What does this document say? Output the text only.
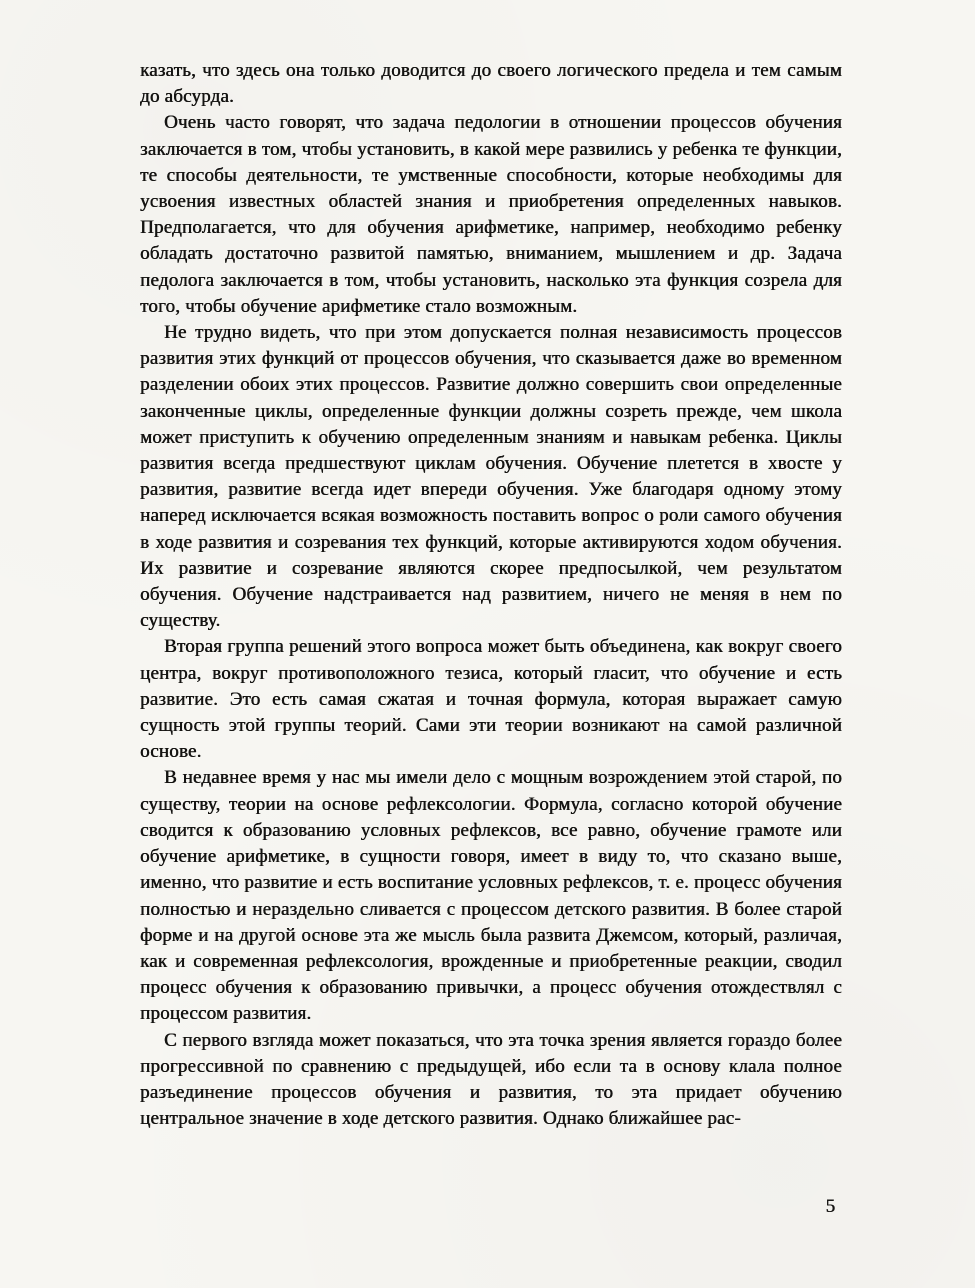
казать, что здесь она только доводится до своего логического предела и тем самым до абсурда.

Очень часто говорят, что задача педологии в отношении процессов обучения заключается в том, чтобы установить, в какой мере развились у ребенка те функции, те способы деятельности, те умственные способности, которые необходимы для усвоения известных областей знания и приобретения определенных навыков. Предполагается, что для обучения арифметике, например, необходимо ребенку обладать достаточно развитой памятью, вниманием, мышлением и др. Задача педолога заключается в том, чтобы установить, насколько эта функция созрела для того, чтобы обучение арифметике стало возможным.

Не трудно видеть, что при этом допускается полная независимость процессов развития этих функций от процессов обучения, что сказывается даже во временном разделении обоих этих процессов. Развитие должно совершить свои определенные законченные циклы, определенные функции должны созреть прежде, чем школа может приступить к обучению определенным знаниям и навыкам ребенка. Циклы развития всегда предшествуют циклам обучения. Обучение плетется в хвосте у развития, развитие всегда идет впереди обучения. Уже благодаря одному этому наперед исключается всякая возможность поставить вопрос о роли самого обучения в ходе развития и созревания тех функций, которые активируются ходом обучения. Их развитие и созревание являются скорее предпосылкой, чем результатом обучения. Обучение надстраивается над развитием, ничего не меняя в нем по существу.

Вторая группа решений этого вопроса может быть объединена, как вокруг своего центра, вокруг противоположного тезиса, который гласит, что обучение и есть развитие. Это есть самая сжатая и точная формула, которая выражает самую сущность этой группы теорий. Сами эти теории возникают на самой различной основе.

В недавнее время у нас мы имели дело с мощным возрождением этой старой, по существу, теории на основе рефлексологии. Формула, согласно которой обучение сводится к образованию условных рефлексов, все равно, обучение грамоте или обучение арифметике, в сущности говоря, имеет в виду то, что сказано выше, именно, что развитие и есть воспитание условных рефлексов, т. е. процесс обучения полностью и нераздельно сливается с процессом детского развития. В более старой форме и на другой основе эта же мысль была развита Джемсом, который, различая, как и современная рефлексология, врожденные и приобретенные реакции, сводил процесс обучения к образованию привычки, а процесс обучения отождествлял с процессом развития.

С первого взгляда может показаться, что эта точка зрения является гораздо более прогрессивной по сравнению с предыдущей, ибо если та в основу клала полное разъединение процессов обучения и развития, то эта придает обучению центральное значение в ходе детского развития. Однако ближайшее рас-

5
